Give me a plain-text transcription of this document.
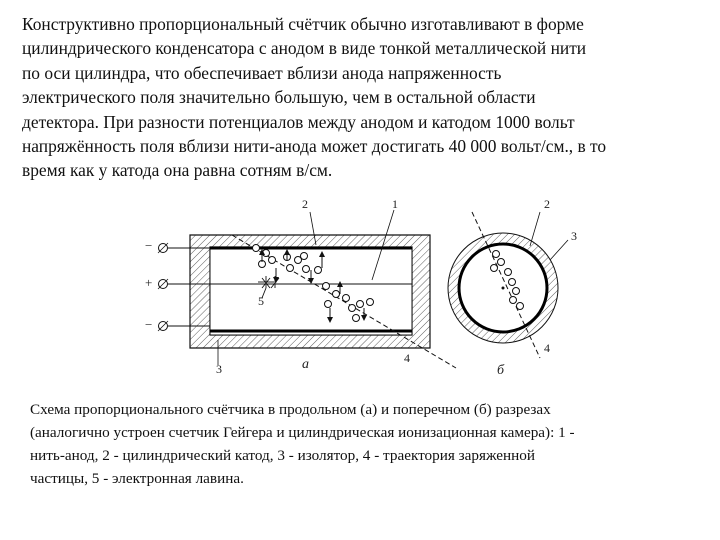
Конструктивно пропорциональный счётчик обычно изготавливают в форме
цилиндрического конденсатора с анодом в виде тонкой металлической нити
по оси цилиндра, что обеспечивает вблизи анода напряженность
электрического поля значительно большую, чем в остальной области
детектора. При разности потенциалов между анодом и катодом 1000 вольт
напряжённость поля вблизи нити-анода может достигать 40 000 вольт/см., в то
время как у катода она равна сотням в/см.
2	1
−
+
−
5
3	а	4
2
3
б
4
Схема пропорционального счётчика в продольном (а) и поперечном (б) разрезах
(аналогично устроен счетчик Гейгера и цилиндрическая ионизационная камера): 1 -
нить-анод, 2 - цилиндрический катод, 3 - изолятор, 4 - траектория заряженной
частицы, 5 - электронная лавина.
